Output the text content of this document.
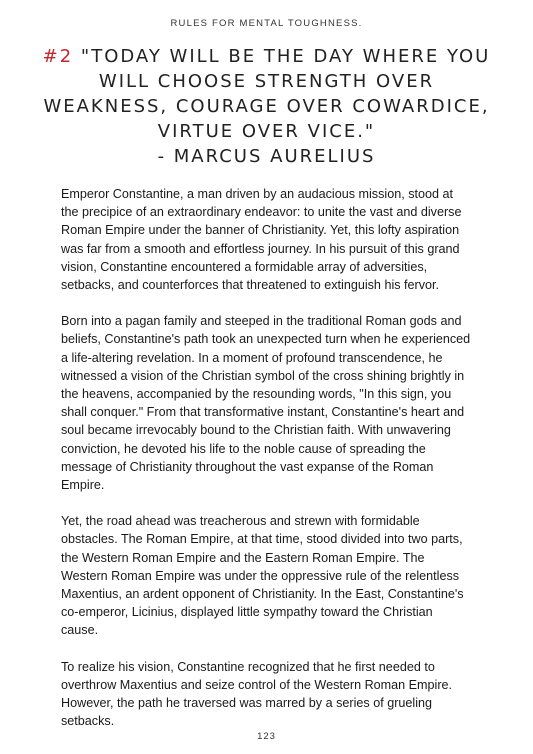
RULES FOR MENTAL TOUGHNESS.
#2 "TODAY WILL BE THE DAY WHERE YOU WILL CHOOSE STRENGTH OVER WEAKNESS, COURAGE OVER COWARDICE, VIRTUE OVER VICE."
- MARCUS AURELIUS

Emperor Constantine, a man driven by an audacious mission, stood at the precipice of an extraordinary endeavor: to unite the vast and diverse Roman Empire under the banner of Christianity. Yet, this lofty aspiration was far from a smooth and effortless journey. In his pursuit of this grand vision, Constantine encountered a formidable array of adversities, setbacks, and counterforces that threatened to extinguish his fervor.

Born into a pagan family and steeped in the traditional Roman gods and beliefs, Constantine's path took an unexpected turn when he experienced a life-altering revelation. In a moment of profound transcendence, he witnessed a vision of the Christian symbol of the cross shining brightly in the heavens, accompanied by the resounding words, "In this sign, you shall conquer." From that transformative instant, Constantine's heart and soul became irrevocably bound to the Christian faith. With unwavering conviction, he devoted his life to the noble cause of spreading the message of Christianity throughout the vast expanse of the Roman Empire.

Yet, the road ahead was treacherous and strewn with formidable obstacles. The Roman Empire, at that time, stood divided into two parts, the Western Roman Empire and the Eastern Roman Empire. The Western Roman Empire was under the oppressive rule of the relentless Maxentius, an ardent opponent of Christianity. In the East, Constantine's co-emperor, Licinius, displayed little sympathy toward the Christian cause.

To realize his vision, Constantine recognized that he first needed to overthrow Maxentius and seize control of the Western Roman Empire. However, the path he traversed was marred by a series of grueling setbacks.

123
